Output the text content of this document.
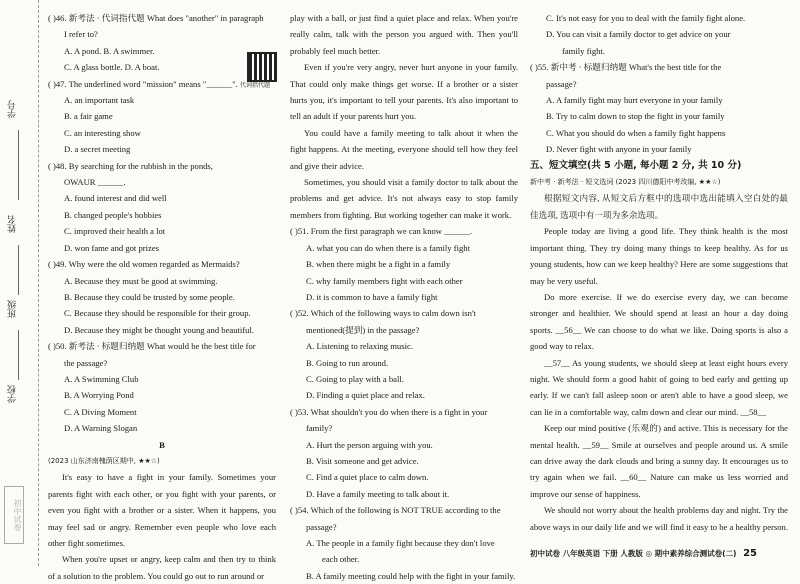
学号
姓名
班级
学校
初中试卷
代词指代题
( )46. 新考法 · 代词指代题 What does "another" in paragraph
I refer to?
A. A pond. B. A swimmer.
C. A glass bottle. D. A boat.
( )47. The underlined word "mission" means "______".
A. an important task
B. a fair game
C. an interesting show
D. a secret meeting
( )48. By searching for the rubbish in the ponds,
OWAUR ______.
A. found interest and did well
B. changed people's hobbies
C. improved their health a lot
D. won fame and got prizes
( )49. Why were the old women regarded as Mermaids?
A. Because they must be good at swimming.
B. Because they could be trusted by some people.
C. Because they should be responsible for their group.
D. Because they might be thought young and beautiful.
( )50. 新考法 · 标题归纳题 What would be the best title for
the passage?
A. A Swimming Club
B. A Worrying Pond
C. A Diving Moment
D. A Warning Slogan
B
(2023 山东济南槐荫区期中, ★★☆)
It's easy to have a fight in your family. Sometimes your parents fight with each other, or you fight with your parents, or even you fight with a brother or a sister. When it happens, you may feel sad or angry. Remember even people who love each other fight sometimes.
When you're upset or angry, keep calm and then try to think of a solution to the problem. You could go out to run around or
play with a ball, or just find a quiet place and relax. When you're really calm, talk with the person you argued with. Then you'll probably feel much better.
Even if you're very angry, never hurt anyone in your family. That could only make things get worse. If a brother or a sister hurts you, it's important to tell your parents. It's also important to tell an adult if your parents hurt you.
You could have a family meeting to talk about it when the fight happens. At the meeting, everyone should tell how they feel and give their advice.
Sometimes, you should visit a family doctor to talk about the problems and get advice. It's not always easy to stop family members from fighting. But working together can make it work.
( )51. From the first paragraph we can know ______.
A. what you can do when there is a family fight
B. when there might be a fight in a family
C. why family members fight with each other
D. it is common to have a family fight
( )52. Which of the following ways to calm down isn't
mentioned(提到) in the passage?
A. Listening to relaxing music.
B. Going to run around.
C. Going to play with a ball.
D. Finding a quiet place and relax.
( )53. What shouldn't you do when there is a fight in your
family?
A. Hurt the person arguing with you.
B. Visit someone and get advice.
C. Find a quiet place to calm down.
D. Have a family meeting to talk about it.
( )54. Which of the following is NOT TRUE according to the
passage?
A. The people in a family fight because they don't love
each other.
B. A family meeting could help with the fight in your family.
C. It's not easy for you to deal with the family fight alone.
D. You can visit a family doctor to get advice on your
family fight.
( )55. 新中考 · 标题归纳题 What's the best title for the
passage?
A. A family fight may hurt everyone in your family
B. Try to calm down to stop the fight in your family
C. What you should do when a family fight happens
D. Never fight with anyone in your family
五、短文填空(共 5 小题, 每小题 2 分, 共 10 分)
新中考 · 新考法 · 短文选词 (2023 四川德阳中考改编, ★★☆)
根据短文内容, 从短文后方框中的选项中选出能填入空白处的最佳选项, 选项中有一项为多余选项。
People today are living a good life. They think health is the most important thing. They try doing many things to keep healthy. As for us young students, how can we keep healthy? Here are some suggestions that may be very useful.
Do more exercise. If we do exercise every day, we can become stronger and healthier. We should spend at least an hour a day doing sports. __56__ We can choose to do what we like. Doing sports is also a good way to relax.
__57__ As young students, we should sleep at least eight hours every night. We should form a good habit of going to bed early and getting up early. If we can't fall asleep soon or aren't able to have a good sleep, we can lie in a comfortable way, calm down and clear our mind. __58__
Keep our mind positive (乐观的) and active. This is necessary for the mental health. __59__ Smile at ourselves and people around us. A smile can drive away the dark clouds and bring a sunny day. It encourages us to try again when we fail. __60__ Nature can make us less worried and improve our sense of happiness.
We should not worry about the health problems day and night. Try the above ways in our daily life and we will find it easy to be a healthy person.
初中试卷 八年级英语 下册 人教版 ◎ 期中素养综合测试卷(二) 25
